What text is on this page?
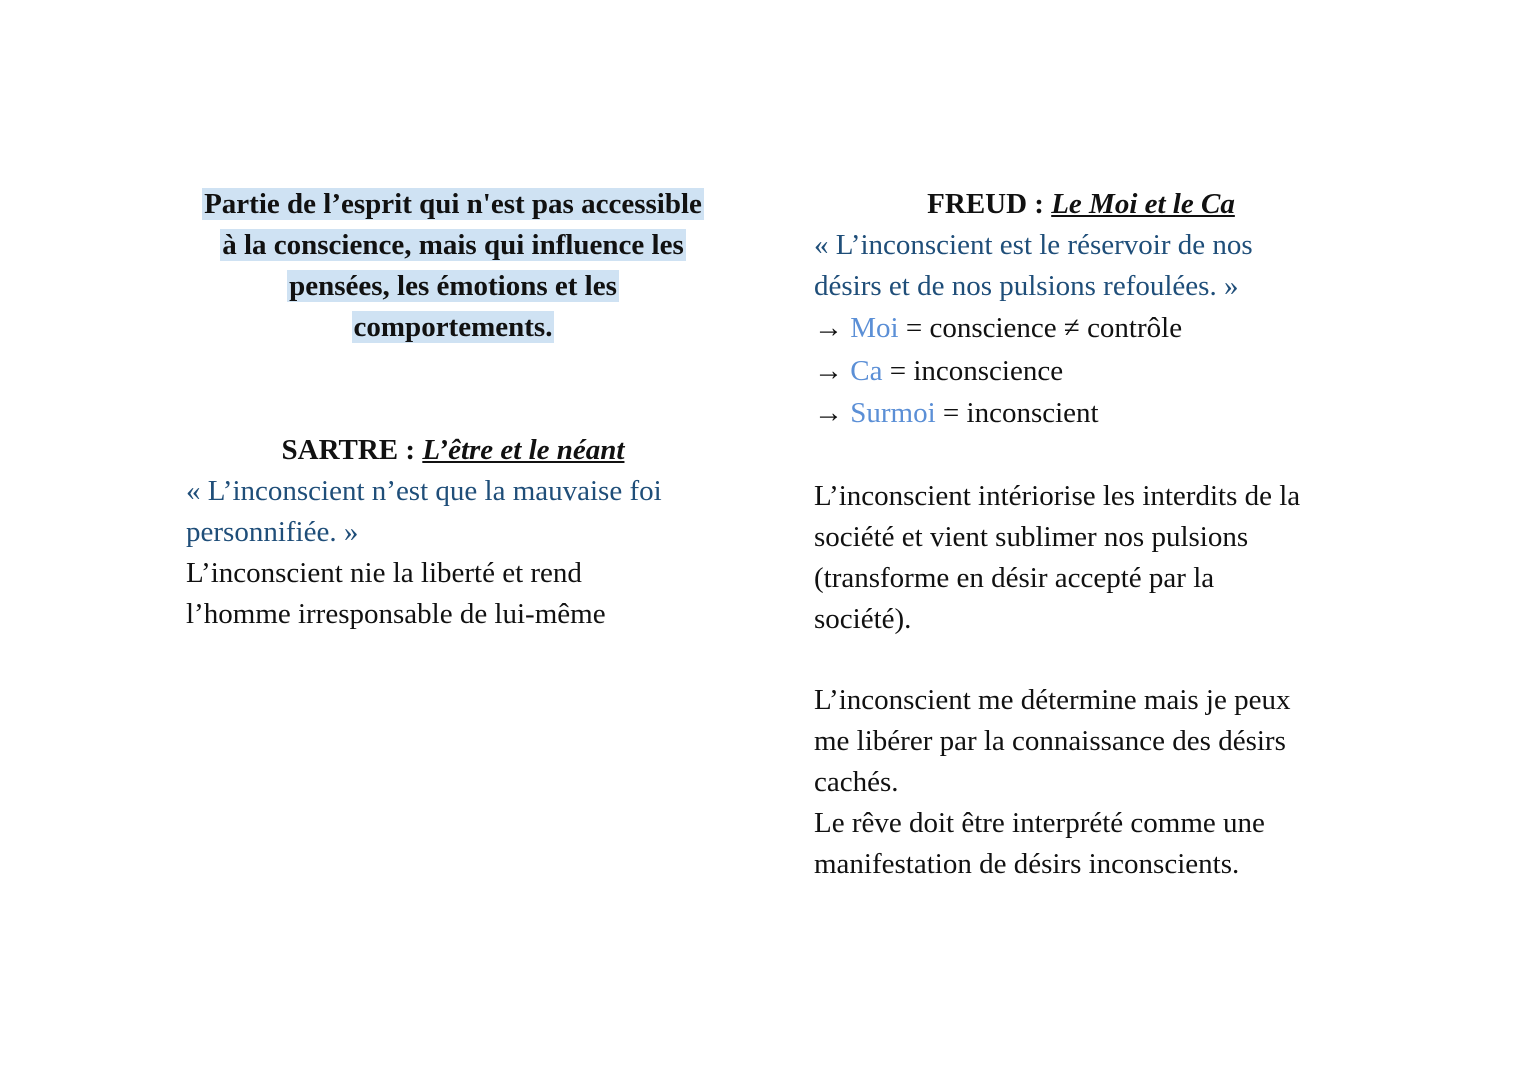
Partie de l’esprit qui n'est pas accessible
à la conscience, mais qui influence les
pensées, les émotions et les
comportements.
SARTRE : L’être et le néant
« L’inconscient n’est que la mauvaise foi
personnifiée. »
L’inconscient nie la liberté et rend
l’homme irresponsable de lui-même
FREUD : Le Moi et le Ca
« L’inconscient est le réservoir de nos
désirs et de nos pulsions refoulées. »
→ Moi = conscience ≠ contrôle
→ Ca = inconscience
→ Surmoi = inconscient
L’inconscient intériorise les interdits de la
société et vient sublimer nos pulsions
(transforme en désir accepté par la
société).
L’inconscient me détermine mais je peux
me libérer par la connaissance des désirs
cachés.
Le rêve doit être interprété comme une
manifestation de désirs inconscients.
